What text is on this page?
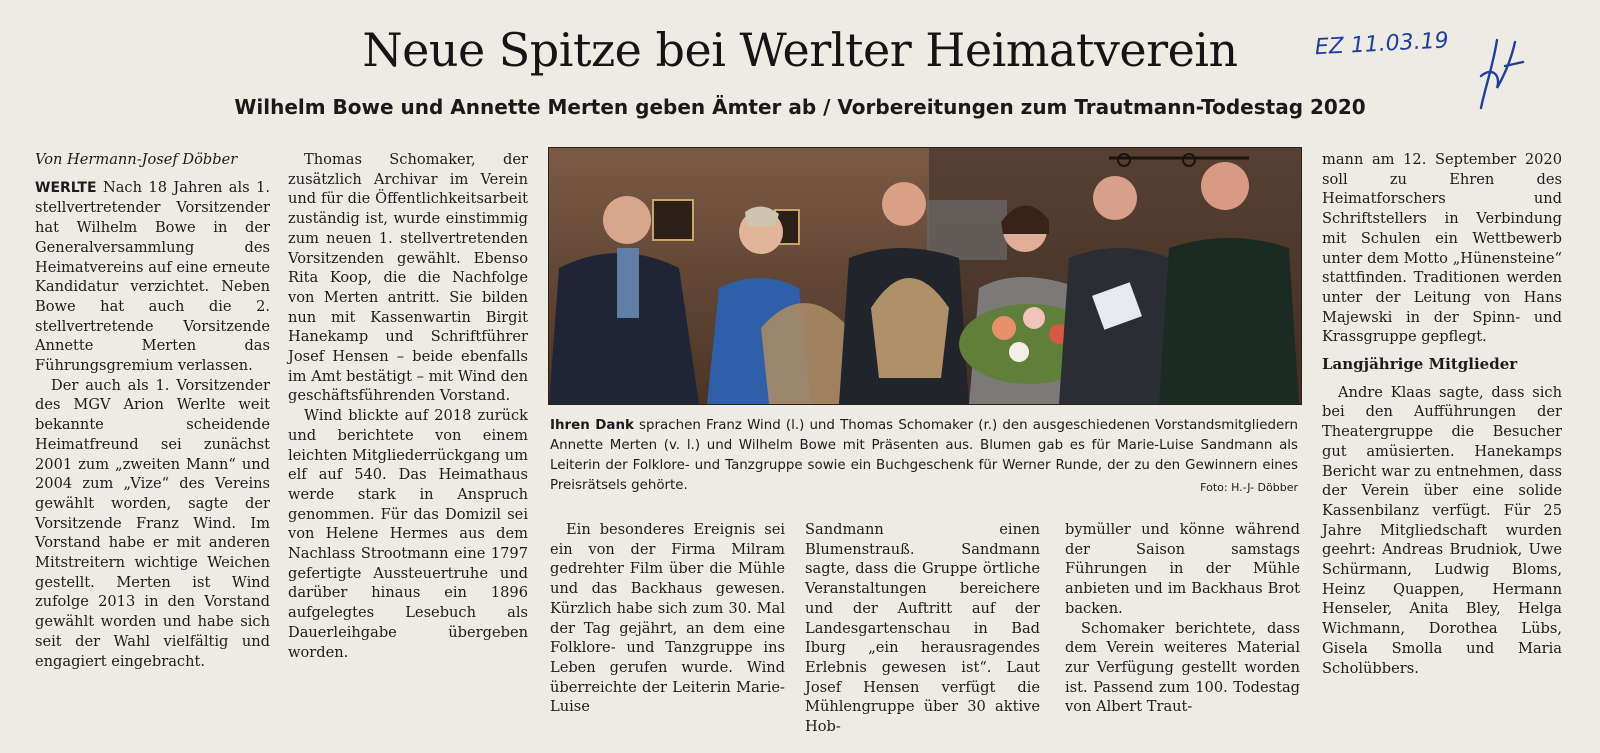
Neue Spitze bei Werlter Heimatverein	EZ 11.03.19
Wilhelm Bowe und Annette Merten geben Ämter ab / Vorbereitungen zum Trautmann-Todestag 2020

Von Hermann-Josef Döbber

WERLTE Nach 18 Jahren als 1. stellvertretender Vorsitzender hat Wilhelm Bowe in der Generalversammlung des Heimatvereins auf eine erneute Kandidatur verzichtet. Neben Bowe hat auch die 2. stellvertretende Vorsitzende Annette Merten das Führungsgremium verlassen.

Der auch als 1. Vorsitzender des MGV Arion Werlte weit bekannte scheidende Heimatfreund sei zunächst 2001 zum „zweiten Mann“ und 2004 zum „Vize“ des Vereins gewählt worden, sagte der Vorsitzende Franz Wind. Im Vorstand habe er mit anderen Mitstreitern wichtige Weichen gestellt. Merten ist Wind zufolge 2013 in den Vorstand gewählt worden und habe sich seit der Wahl vielfältig und engagiert eingebracht.

Thomas Schomaker, der zusätzlich Archivar im Verein und für die Öffentlichkeitsarbeit zuständig ist, wurde einstimmig zum neuen 1. stellvertretenden Vorsitzenden gewählt. Ebenso Rita Koop, die die Nachfolge von Merten antritt. Sie bilden nun mit Kassenwartin Birgit Hanekamp und Schriftführer Josef Hensen – beide ebenfalls im Amt bestätigt – mit Wind den geschäftsführenden Vorstand.

Wind blickte auf 2018 zurück und berichtete von einem leichten Mitgliederrückgang um elf auf 540. Das Heimathaus werde stark in Anspruch genommen. Für das Domizil sei von Helene Hermes aus dem Nachlass Strootmann eine 1797 gefertigte Aussteuertruhe und darüber hinaus ein 1896 aufgelegtes Lesebuch als Dauerleihgabe übergeben worden.

Ihren Dank sprachen Franz Wind (l.) und Thomas Schomaker (r.) den ausgeschiedenen Vorstandsmitgliedern Annette Merten (v. l.) und Wilhelm Bowe mit Präsenten aus. Blumen gab es für Marie-Luise Sandmann als Leiterin der Folklore- und Tanzgruppe sowie ein Buchgeschenk für Werner Runde, der zu den Gewinnern eines Preisrätsels gehörte.	Foto: H.-J- Döbber

Ein besonderes Ereignis sei ein von der Firma Milram gedrehter Film über die Mühle und das Backhaus gewesen. Kürzlich habe sich zum 30. Mal der Tag gejährt, an dem eine Folklore- und Tanzgruppe ins Leben gerufen wurde. Wind überreichte der Leiterin Marie-Luise

Sandmann einen Blumenstrauß. Sandmann sagte, dass die Gruppe örtliche Veranstaltungen bereichere und der Auftritt auf der Landesgartenschau in Bad Iburg „ein herausragendes Erlebnis gewesen ist“. Laut Josef Hensen verfügt die Mühlengruppe über 30 aktive Hob-

bymüller und könne während der Saison samstags Führungen in der Mühle anbieten und im Backhaus Brot backen.

Schomaker berichtete, dass dem Verein weiteres Material zur Verfügung gestellt worden ist. Passend zum 100. Todestag von Albert Traut-

mann am 12. September 2020 soll zu Ehren des Heimatforschers und Schriftstellers in Verbindung mit Schulen ein Wettbewerb unter dem Motto „Hünensteine“ stattfinden. Traditionen werden unter der Leitung von Hans Majewski in der Spinn- und Krassgruppe gepflegt.

Langjährige Mitglieder

Andre Klaas sagte, dass sich bei den Aufführungen der Theatergruppe die Besucher gut amüsierten. Hanekamps Bericht war zu entnehmen, dass der Verein über eine solide Kassenbilanz verfügt. Für 25 Jahre Mitgliedschaft wurden geehrt: Andreas Brudniok, Uwe Schürmann, Ludwig Bloms, Heinz Quappen, Hermann Henseler, Anita Bley, Helga Wichmann, Dorothea Lübs, Gisela Smolla und Maria Scholübbers.
